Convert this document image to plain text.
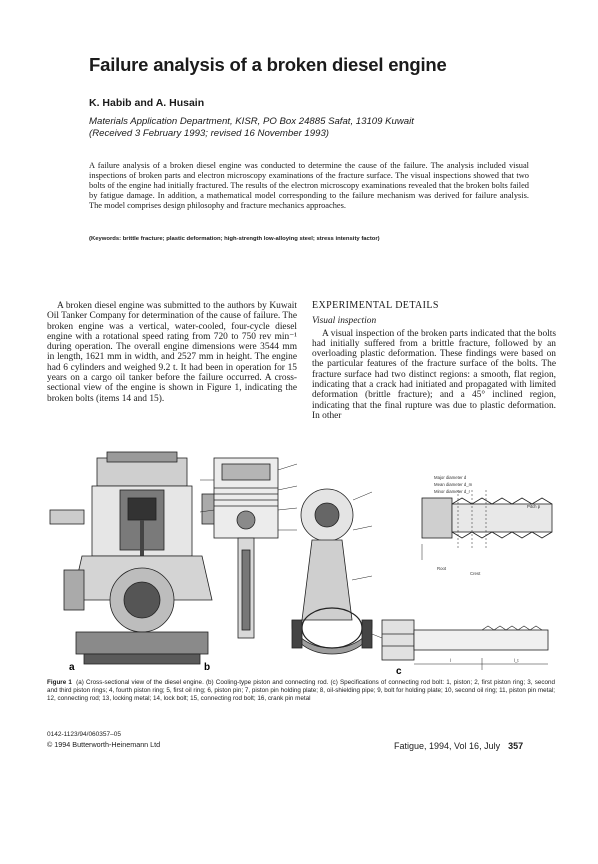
Failure analysis of a broken diesel engine
K. Habib and A. Husain
Materials Application Department, KISR, PO Box 24885 Safat, 13109 Kuwait
(Received 3 February 1993; revised 16 November 1993)
A failure analysis of a broken diesel engine was conducted to determine the cause of the failure. The analysis included visual inspections of broken parts and electron microscopy examinations of the fracture surface. The visual inspections showed that two bolts of the engine had initially fractured. The results of the electron microscopy examinations revealed that the broken bolts failed by fatigue damage. In addition, a mathematical model corresponding to the failure mechanism was derived for failure analysis. The model comprises design philosophy and fracture mechanics approaches.
(Keywords: brittle fracture; plastic deformation; high-strength low-alloying steel; stress intensity factor)
A broken diesel engine was submitted to the authors by Kuwait Oil Tanker Company for determination of the cause of failure. The broken engine was a vertical, water-cooled, four-cycle diesel engine with a rotational speed rating from 720 to 750 rev min⁻¹ during operation. The overall engine dimensions were 3544 mm in length, 1621 mm in width, and 2527 mm in height. The engine had 6 cylinders and weighed 9.2 t. It had been in operation for 15 years on a cargo oil tanker before the failure occurred. A cross-sectional view of the engine is shown in Figure 1, indicating the broken bolts (items 14 and 15).
EXPERIMENTAL DETAILS
Visual inspection
A visual inspection of the broken parts indicated that the bolts had initially suffered from a brittle fracture, followed by an overloading plastic deformation. These findings were based on the particular features of the fracture surface of the bolts. The fracture surface had two distinct regions: a smooth, flat region, indicating that a crack had initiated and propagated with limited deformation (brittle fracture); and a 45° inclined region, indicating that the final rupture was due to plastic deformation. In other
Major diameter d
Mean diameter d_m
Minor diameter d_r
Pitch p
Root
Crest
l	l_t
a	b	c
Figure 1 (a) Cross-sectional view of the diesel engine. (b) Cooling-type piston and connecting rod. (c) Specifications of connecting rod bolt: 1, piston; 2, first piston ring; 3, second and third piston rings; 4, fourth piston ring; 5, first oil ring; 6, piston pin; 7, piston pin holding plate; 8, oil-shielding pipe; 9, bolt for holding plate; 10, second oil ring; 11, piston pin metal; 12, connecting rod; 13, locking metal; 14, lock bolt; 15, connecting rod bolt; 16, crank pin metal
0142-1123/94/060357–05
© 1994 Butterworth-Heinemann Ltd	Fatigue, 1994, Vol 16, July 357
